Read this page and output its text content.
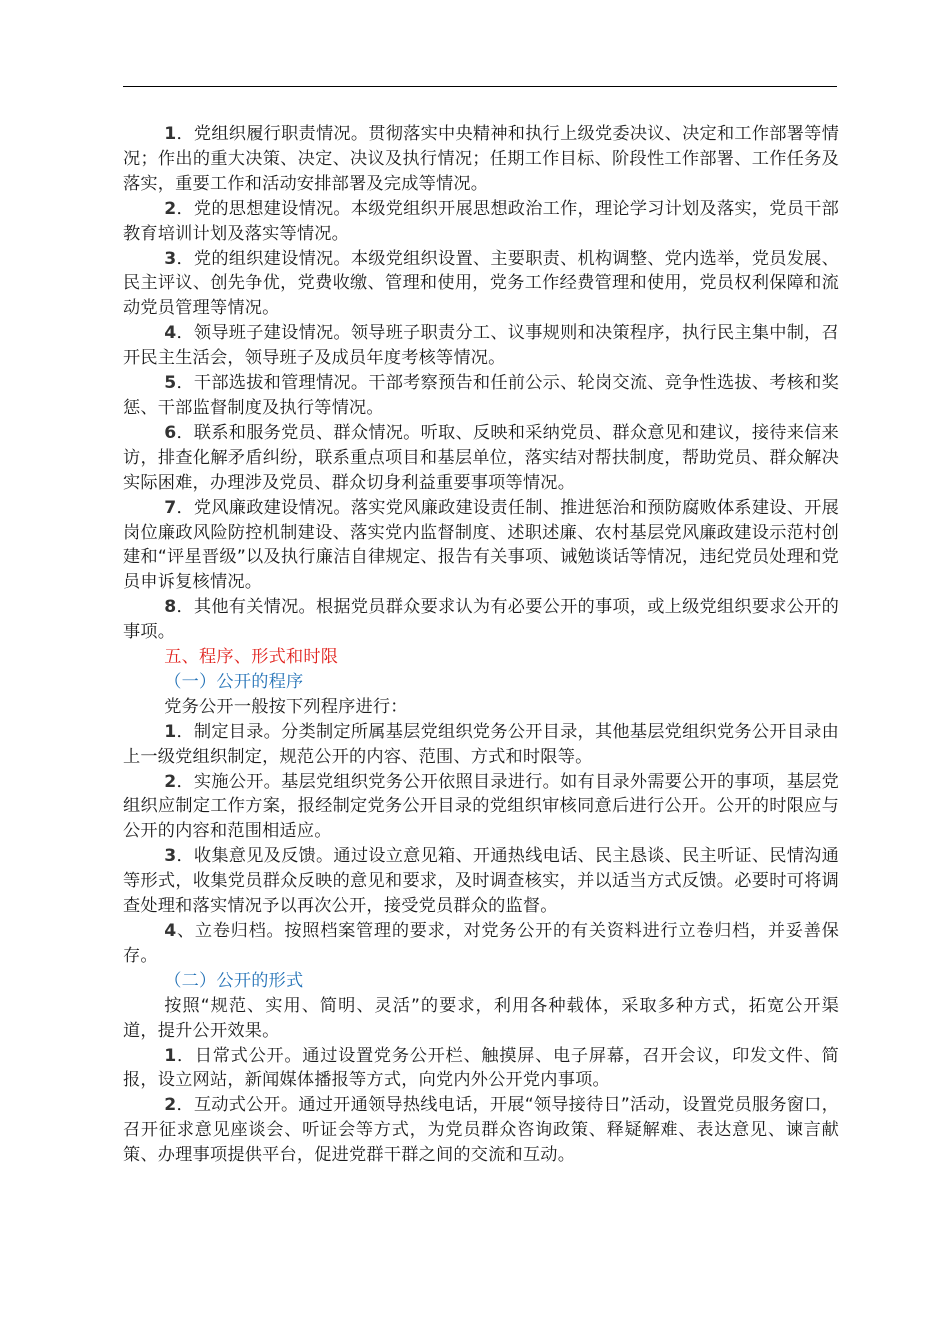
1．党组织履行职责情况。贯彻落实中央精神和执行上级党委决议、决定和工作部署等情况；作出的重大决策、决定、决议及执行情况；任期工作目标、阶段性工作部署、工作任务及落实，重要工作和活动安排部署及完成等情况。

2．党的思想建设情况。本级党组织开展思想政治工作，理论学习计划及落实，党员干部教育培训计划及落实等情况。

3．党的组织建设情况。本级党组织设置、主要职责、机构调整、党内选举，党员发展、民主评议、创先争优，党费收缴、管理和使用，党务工作经费管理和使用，党员权利保障和流动党员管理等情况。

4．领导班子建设情况。领导班子职责分工、议事规则和决策程序，执行民主集中制，召开民主生活会，领导班子及成员年度考核等情况。

5．干部选拔和管理情况。干部考察预告和任前公示、轮岗交流、竞争性选拔、考核和奖惩、干部监督制度及执行等情况。

6．联系和服务党员、群众情况。听取、反映和采纳党员、群众意见和建议，接待来信来访，排查化解矛盾纠纷，联系重点项目和基层单位，落实结对帮扶制度，帮助党员、群众解决实际困难，办理涉及党员、群众切身利益重要事项等情况。

7．党风廉政建设情况。落实党风廉政建设责任制、推进惩治和预防腐败体系建设、开展岗位廉政风险防控机制建设、落实党内监督制度、述职述廉、农村基层党风廉政建设示范村创建和“评星晋级”以及执行廉洁自律规定、报告有关事项、诫勉谈话等情况，违纪党员处理和党员申诉复核情况。

8．其他有关情况。根据党员群众要求认为有必要公开的事项，或上级党组织要求公开的事项。

五、程序、形式和时限

（一）公开的程序

党务公开一般按下列程序进行：

1．制定目录。分类制定所属基层党组织党务公开目录，其他基层党组织党务公开目录由上一级党组织制定，规范公开的内容、范围、方式和时限等。

2．实施公开。基层党组织党务公开依照目录进行。如有目录外需要公开的事项，基层党组织应制定工作方案，报经制定党务公开目录的党组织审核同意后进行公开。公开的时限应与公开的内容和范围相适应。

3．收集意见及反馈。通过设立意见箱、开通热线电话、民主恳谈、民主听证、民情沟通等形式，收集党员群众反映的意见和要求，及时调查核实，并以适当方式反馈。必要时可将调查处理和落实情况予以再次公开，接受党员群众的监督。

4、立卷归档。按照档案管理的要求，对党务公开的有关资料进行立卷归档，并妥善保存。

（二）公开的形式

按照“规范、实用、简明、灵活”的要求，利用各种载体，采取多种方式，拓宽公开渠道，提升公开效果。

1．日常式公开。通过设置党务公开栏、触摸屏、电子屏幕，召开会议，印发文件、简报，设立网站，新闻媒体播报等方式，向党内外公开党内事项。

2．互动式公开。通过开通领导热线电话，开展“领导接待日”活动，设置党员服务窗口，召开征求意见座谈会、听证会等方式，为党员群众咨询政策、释疑解难、表达意见、谏言献策、办理事项提供平台，促进党群干群之间的交流和互动。
